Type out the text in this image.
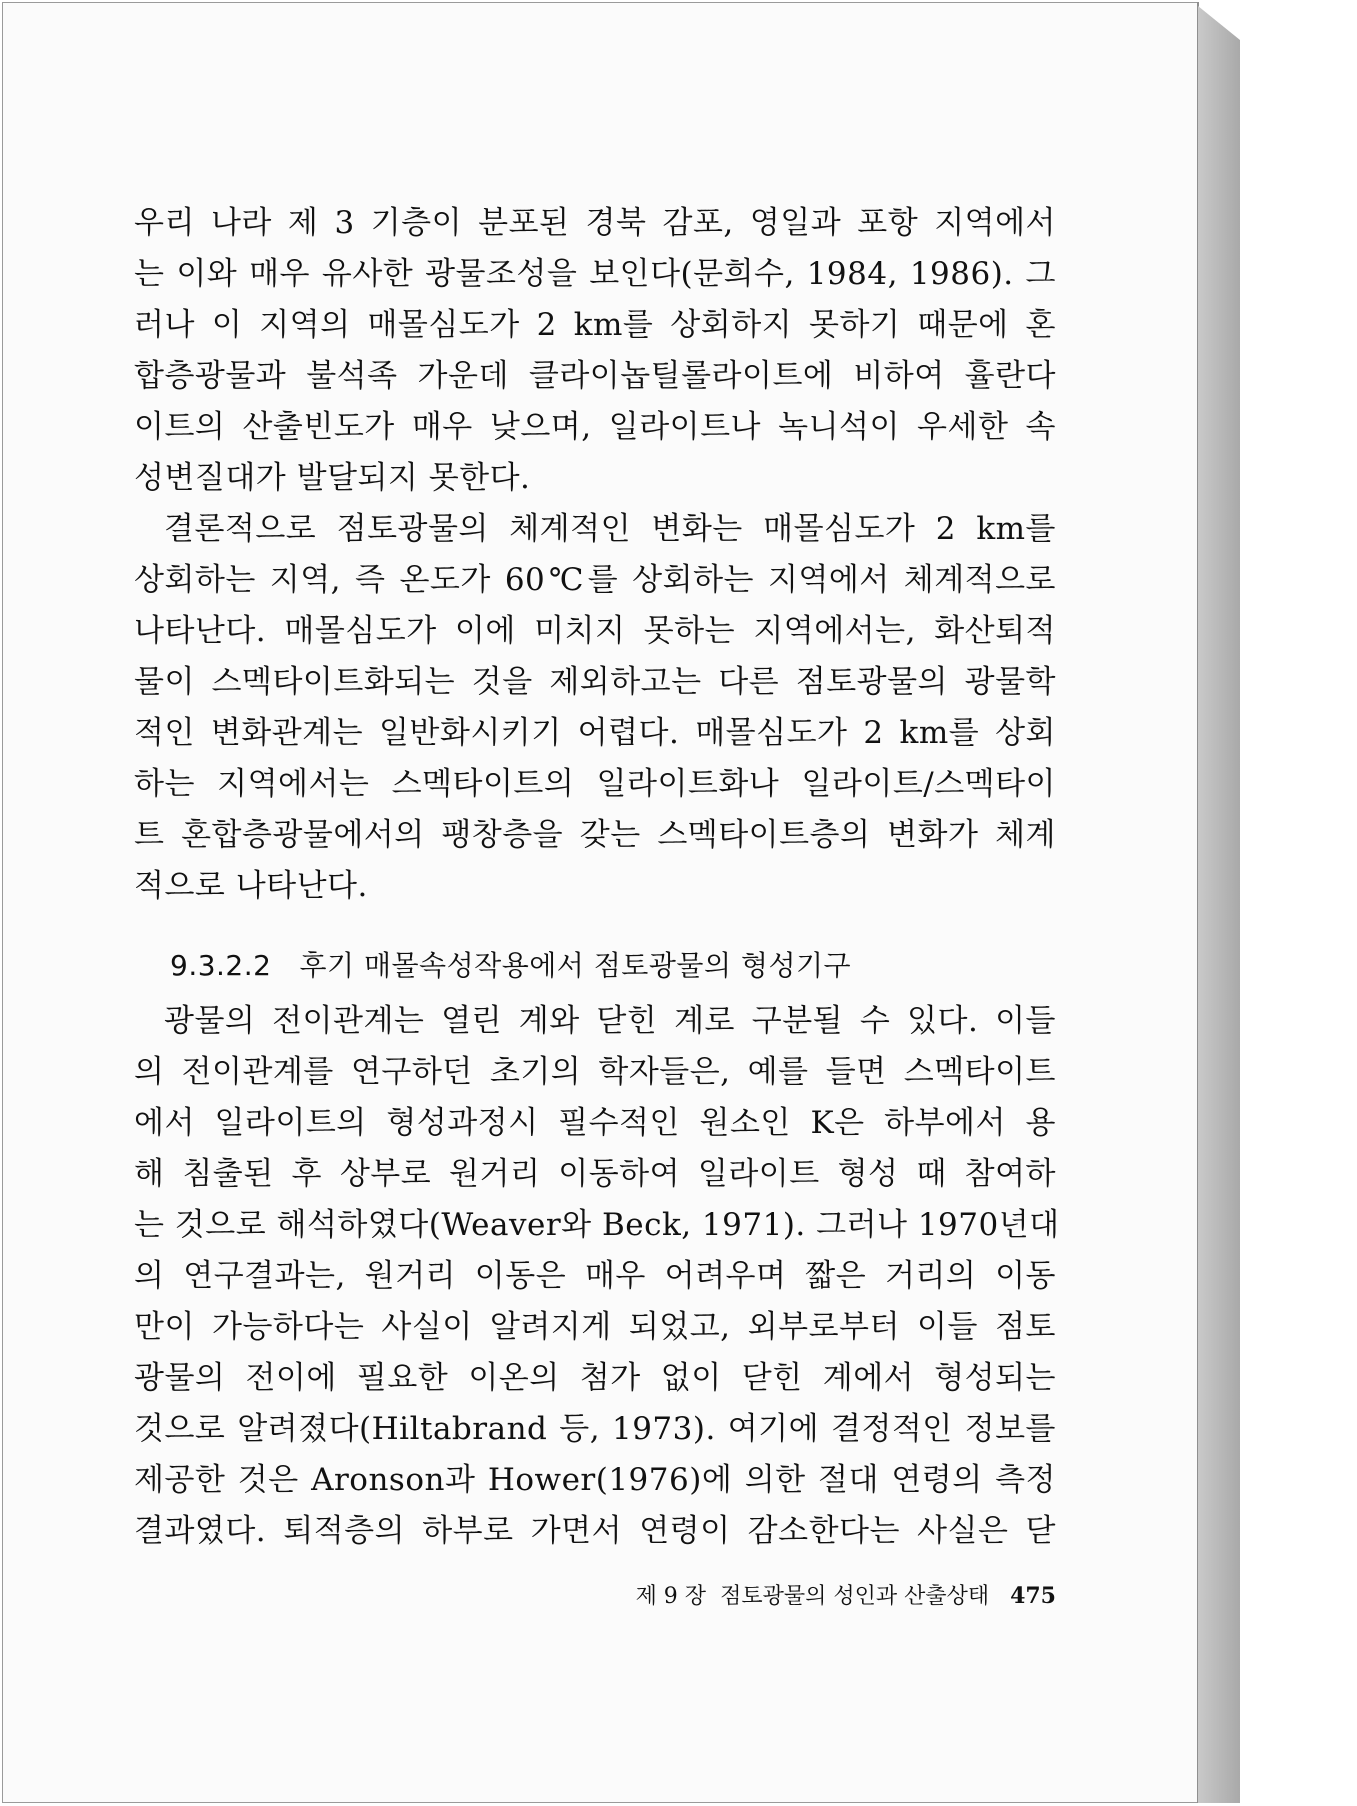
우리 나라 제 3 기층이 분포된 경북 감포, 영일과 포항 지역에서
는 이와 매우 유사한 광물조성을 보인다(문희수, 1984, 1986). 그
러나 이 지역의 매몰심도가 2 km를 상회하지 못하기 때문에 혼
합층광물과 불석족 가운데 클라이놉틸롤라이트에 비하여 휼란다
이트의 산출빈도가 매우 낮으며, 일라이트나 녹니석이 우세한 속
성변질대가 발달되지 못한다.
결론적으로 점토광물의 체계적인 변화는 매몰심도가 2 km를
상회하는 지역, 즉 온도가 60℃를 상회하는 지역에서 체계적으로
나타난다. 매몰심도가 이에 미치지 못하는 지역에서는, 화산퇴적
물이 스멕타이트화되는 것을 제외하고는 다른 점토광물의 광물학
적인 변화관계는 일반화시키기 어렵다. 매몰심도가 2 km를 상회
하는 지역에서는 스멕타이트의 일라이트화나 일라이트/스멕타이
트 혼합층광물에서의 팽창층을 갖는 스멕타이트층의 변화가 체계
적으로 나타난다.
9.3.2.2 후기 매몰속성작용에서 점토광물의 형성기구
광물의 전이관계는 열린 계와 닫힌 계로 구분될 수 있다. 이들
의 전이관계를 연구하던 초기의 학자들은, 예를 들면 스멕타이트
에서 일라이트의 형성과정시 필수적인 원소인 K은 하부에서 용
해 침출된 후 상부로 원거리 이동하여 일라이트 형성 때 참여하
는 것으로 해석하였다(Weaver와 Beck, 1971). 그러나 1970년대
의 연구결과는, 원거리 이동은 매우 어려우며 짧은 거리의 이동
만이 가능하다는 사실이 알려지게 되었고, 외부로부터 이들 점토
광물의 전이에 필요한 이온의 첨가 없이 닫힌 계에서 형성되는
것으로 알려졌다(Hiltabrand 등, 1973). 여기에 결정적인 정보를
제공한 것은 Aronson과 Hower(1976)에 의한 절대 연령의 측정
결과였다. 퇴적층의 하부로 가면서 연령이 감소한다는 사실은 닫
제 9 장 점토광물의 성인과 산출상태 475
